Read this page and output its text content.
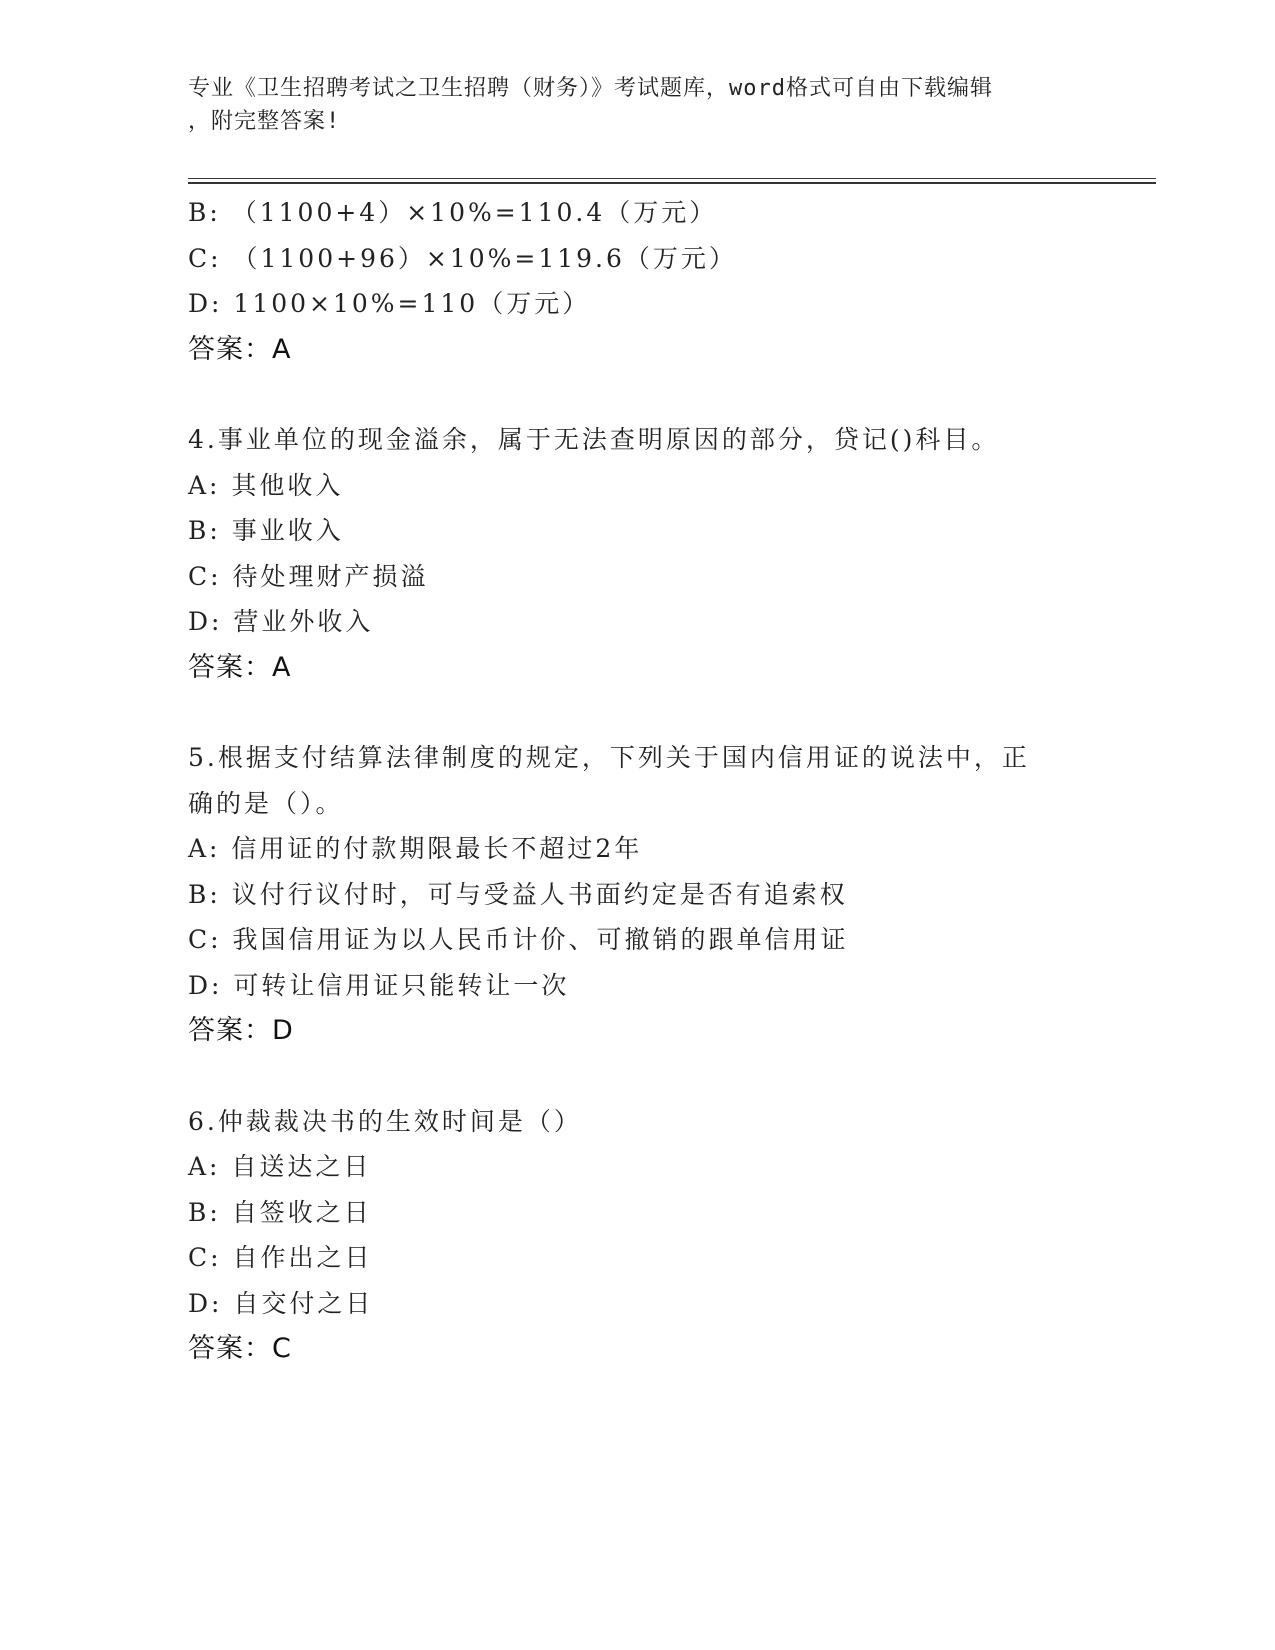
专业《卫生招聘考试之卫生招聘（财务）》考试题库，word格式可自由下载编辑
，附完整答案!
B: （1100+4）×10%=110.4（万元）
C: （1100+96）×10%=119.6（万元）
D: 1100×10%=110（万元）
答案：A
4.事业单位的现金溢余，属于无法查明原因的部分，贷记()科目。
A: 其他收入
B: 事业收入
C: 待处理财产损溢
D: 营业外收入
答案：A
5.根据支付结算法律制度的规定，下列关于国内信用证的说法中，正
确的是（）。
A: 信用证的付款期限最长不超过2年
B: 议付行议付时，可与受益人书面约定是否有追索权
C: 我国信用证为以人民币计价、可撤销的跟单信用证
D: 可转让信用证只能转让一次
答案：D
6.仲裁裁决书的生效时间是（）
A: 自送达之日
B: 自签收之日
C: 自作出之日
D: 自交付之日
答案：C
